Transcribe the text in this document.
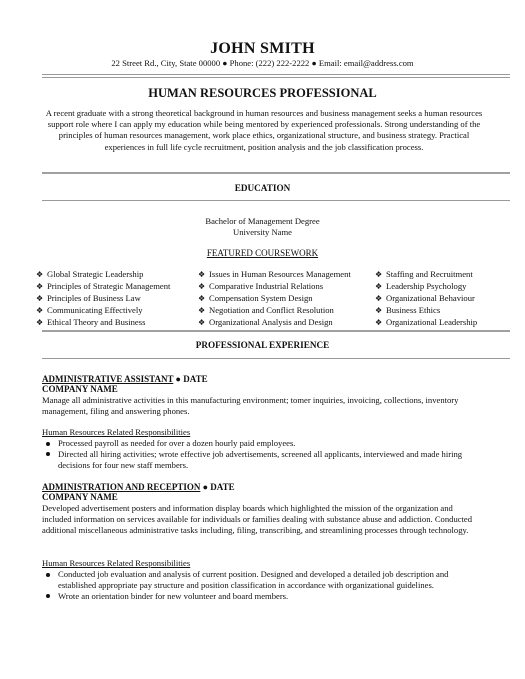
JOHN SMITH
22 Street Rd., City, State 00000 ● Phone: (222) 222-2222 ● Email: email@address.com
HUMAN RESOURCES PROFESSIONAL
A recent graduate with a strong theoretical background in human resources and business management seeks a human resources support role where I can apply my education while being mentored by experienced professionals. Strong understanding of the principles of human resources management, work place ethics, organizational structure, and business strategy. Practical experiences in full life cycle recruitment, position analysis and the job classification process.
EDUCATION
Bachelor of Management Degree
University Name
FEATURED COURSEWORK
❖ Global Strategic Leadership
❖ Principles of Strategic Management
❖ Principles of Business Law
❖ Communicating Effectively
❖ Ethical Theory and Business
❖ Issues in Human Resources Management
❖ Comparative Industrial Relations
❖ Compensation System Design
❖ Negotiation and Conflict Resolution
❖ Organizational Analysis and Design
❖ Staffing and Recruitment
❖ Leadership Psychology
❖ Organizational Behaviour
❖ Business Ethics
❖ Organizational Leadership
PROFESSIONAL EXPERIENCE
ADMINISTRATIVE ASSISTANT ● DATE
COMPANY NAME
Manage all administrative activities in this manufacturing environment; tomer inquiries, invoicing, collections, inventory management, filing and answering phones.
Human Resources Related Responsibilities
Processed payroll as needed for over a dozen hourly paid employees.
Directed all hiring activities; wrote effective job advertisements, screened all applicants, interviewed and made hiring decisions for four new staff members.
ADMINISTRATION AND RECEPTION ● DATE
COMPANY NAME
Developed advertisement posters and information display boards which highlighted the mission of the organization and included information on services available for individuals or families dealing with substance abuse and addiction. Conducted additional miscellaneous administrative tasks including, filing, transcribing, and streamlining processes through technology.
Human Resources Related Responsibilities
Conducted job evaluation and analysis of current position. Designed and developed a detailed job description and established appropriate pay structure and position classification in accordance with organizational guidelines.
Wrote an orientation binder for new volunteer and board members.
